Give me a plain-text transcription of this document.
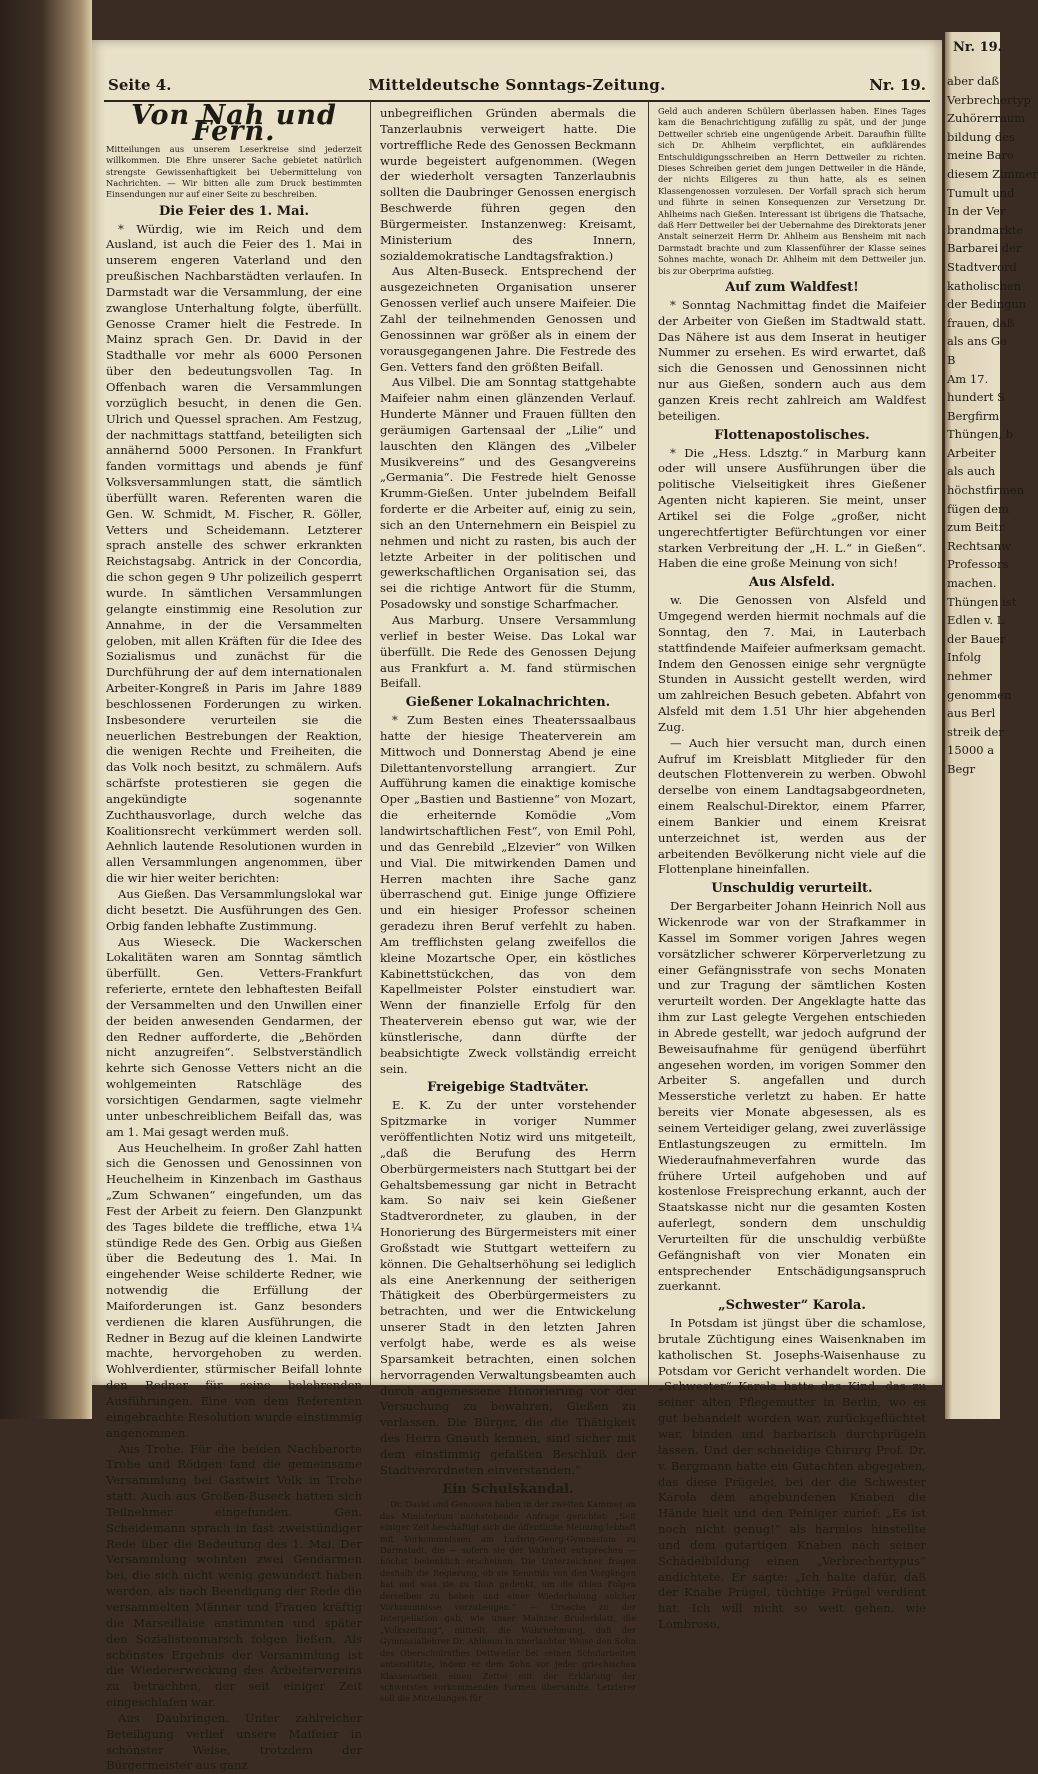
Mitteldeutsche Sonntags-Zeitung.
Seite 4.	Nr. 19.
Von Nah und Fern.

Mitteilungen aus unserem Leserkreise sind jederzeit willkommen. Die Ehre unserer Sache gebietet natürlich strengste Gewissenhaftigkeit bei Uebermittelung von Nachrichten. — Wir bitten alle zum Druck bestimmten Einsendungen nur auf einer Seite zu beschreiben.

Die Feier des 1. Mai.

* Würdig, wie im Reich und dem Ausland, ist auch die Feier des 1. Mai in unserem engeren Vaterland und den preußischen Nachbarstädten verlaufen. In Darmstadt war die Versammlung, der eine zwanglose Unterhaltung folgte, überfüllt. Genosse Cramer hielt die Festrede. In Mainz sprach Gen. Dr. David in der Stadthalle vor mehr als 6000 Personen über den bedeutungsvollen Tag. In Offenbach waren die Versammlungen vorzüglich besucht, in denen die Gen. Ulrich und Quessel sprachen. Am Festzug, der nachmittags stattfand, beteiligten sich annähernd 5000 Personen. In Frankfurt fanden vormittags und abends je fünf Volksversammlungen statt, die sämtlich überfüllt waren. Referenten waren die Gen. W. Schmidt, M. Fischer, R. Göller, Vetters und Scheidemann. Letzterer sprach anstelle des schwer erkrankten Reichstagsabg. Antrick in der Concordia, die schon gegen 9 Uhr polizeilich gesperrt wurde. In sämtlichen Versammlungen gelangte einstimmig eine Resolution zur Annahme, in der die Versammelten geloben, mit allen Kräften für die Idee des Sozialismus und zunächst für die Durchführung der auf dem internationalen Arbeiter-Kongreß in Paris im Jahre 1889 beschlossenen Forderungen zu wirken. Insbesondere verurteilen sie die neuerlichen Bestrebungen der Reaktion, die wenigen Rechte und Freiheiten, die das Volk noch besitzt, zu schmälern. Aufs schärfste protestieren sie gegen die angekündigte sogenannte Zuchthausvorlage, durch welche das Koalitionsrecht verkümmert werden soll. Aehnlich lautende Resolutionen wurden in allen Versammlungen angenommen, über die wir hier weiter berichten:

Aus Gießen. Das Versammlungslokal war dicht besetzt. Die Ausführungen des Gen. Orbig fanden lebhafte Zustimmung.

Aus Wieseck. Die Wackerschen Lokalitäten waren am Sonntag sämtlich überfüllt. Gen. Vetters-Frankfurt referierte, erntete den lebhaftesten Beifall der Versammelten und den Unwillen einer der beiden anwesenden Gendarmen, der den Redner aufforderte, die „Behörden nicht anzugreifen“. Selbstverständlich kehrte sich Genosse Vetters nicht an die wohlgemeinten Ratschläge des vorsichtigen Gendarmen, sagte vielmehr unter unbeschreiblichem Beifall das, was am 1. Mai gesagt werden muß.

Aus Heuchelheim. In großer Zahl hatten sich die Genossen und Genossinnen von Heuchelheim in Kinzenbach im Gasthaus „Zum Schwanen“ eingefunden, um das Fest der Arbeit zu feiern. Den Glanzpunkt des Tages bildete die treffliche, etwa 1¼ stündige Rede des Gen. Orbig aus Gießen über die Bedeutung des 1. Mai. In eingehender Weise schilderte Redner, wie notwendig die Erfüllung der Maiforderungen ist. Ganz besonders verdienen die klaren Ausführungen, die Redner in Bezug auf die kleinen Landwirte machte, hervorgehoben zu werden. Wohlverdienter, stürmischer Beifall lohnte den Redner für seine belehrenden Ausführungen. Eine von dem Referenten eingebrachte Resolution wurde einstimmig angenommen.

Aus Trohe. Für die beiden Nachbarorte Trohe und Rödgen fand die gemeinsame Versammlung bei Gastwirt Volk in Trohe statt. Auch aus Großen-Buseck hatten sich Teilnehmer eingefunden. Gen. Scheidemann sprach in fast zweistündiger Rede über die Bedeutung des 1. Mai. Der Versammlung wohnten zwei Gendarmen bei, die sich nicht wenig gewundert haben werden, als nach Beendigung der Rede die versammelten Männer und Frauen kräftig die Marseillaise anstimmten und später den Sozialistenmarsch folgen ließen. Als schönstes Ergebnis der Versammlung ist die Wiedererweckung des Arbeitervereins zu betrachten, der seit einiger Zeit eingeschlafen war.

Aus Daubringen. Unter zahlreicher Beteiligung verlief unsere Maifeier in schönster Weise, trotzdem der Bürgermeister aus ganz

unbegreiflichen Gründen abermals die Tanzerlaubnis verweigert hatte. Die vortreffliche Rede des Genossen Beckmann wurde begeistert aufgenommen. (Wegen der wiederholt versagten Tanzerlaubnis sollten die Daubringer Genossen energisch Beschwerde führen gegen den Bürgermeister. Instanzenweg: Kreisamt, Ministerium des Innern, sozialdemokratische Landtagsfraktion.)

Aus Alten-Buseck. Entsprechend der ausgezeichneten Organisation unserer Genossen verlief auch unsere Maifeier. Die Zahl der teilnehmenden Genossen und Genossinnen war größer als in einem der vorausgegangenen Jahre. Die Festrede des Gen. Vetters fand den größten Beifall.

Aus Vilbel. Die am Sonntag stattgehabte Maifeier nahm einen glänzenden Verlauf. Hunderte Männer und Frauen füllten den geräumigen Gartensaal der „Lilie“ und lauschten den Klängen des „Vilbeler Musikvereins“ und des Gesangvereins „Germania“. Die Festrede hielt Genosse Krumm-Gießen. Unter jubelndem Beifall forderte er die Arbeiter auf, einig zu sein, sich an den Unternehmern ein Beispiel zu nehmen und nicht zu rasten, bis auch der letzte Arbeiter in der politischen und gewerkschaftlichen Organisation sei, das sei die richtige Antwort für die Stumm, Posadowsky und sonstige Scharfmacher.

Aus Marburg. Unsere Versammlung verlief in bester Weise. Das Lokal war überfüllt. Die Rede des Genossen Dejung aus Frankfurt a. M. fand stürmischen Beifall.

Gießener Lokalnachrichten.

* Zum Besten eines Theaterssaalbaus hatte der hiesige Theaterverein am Mittwoch und Donnerstag Abend je eine Dilettantenvorstellung arrangiert. Zur Aufführung kamen die einaktige komische Oper „Bastien und Bastienne“ von Mozart, die erheiternde Komödie „Vom landwirtschaftlichen Fest“, von Emil Pohl, und das Genrebild „Elzevier“ von Wilken und Vial. Die mitwirkenden Damen und Herren machten ihre Sache ganz überraschend gut. Einige junge Offiziere und ein hiesiger Professor scheinen geradezu ihren Beruf verfehlt zu haben. Am trefflichsten gelang zweifellos die kleine Mozartsche Oper, ein köstliches Kabinettstückchen, das von dem Kapellmeister Polster einstudiert war. Wenn der finanzielle Erfolg für den Theaterverein ebenso gut war, wie der künstlerische, dann dürfte der beabsichtigte Zweck vollständig erreicht sein.

Freigebige Stadtväter.

E. K. Zu der unter vorstehender Spitzmarke in voriger Nummer veröffentlichten Notiz wird uns mitgeteilt, „daß die Berufung des Herrn Oberbürgermeisters nach Stuttgart bei der Gehaltsbemessung gar nicht in Betracht kam. So naiv sei kein Gießener Stadtverordneter, zu glauben, in der Honorierung des Bürgermeisters mit einer Großstadt wie Stuttgart wetteifern zu können. Die Gehaltserhöhung sei lediglich als eine Anerkennung der seitherigen Thätigkeit des Oberbürgermeisters zu betrachten, und wer die Entwickelung unserer Stadt in den letzten Jahren verfolgt habe, werde es als weise Sparsamkeit betrachten, einen solchen hervorragenden Verwaltungsbeamten auch durch angemessene Honorierung vor der Versuchung zu bewahren, Gießen zu verlassen. Die Bürger, die die Thätigkeit des Herrn Gnauth kennen, sind sicher mit dem einstimmig gefaßten Beschluß der Stadtverordneten einverstanden.“

Ein Schulskandal.

Dr. David und Genossen haben in der zweiten Kammer an das Ministerium nachstehende Anfrage gerichtet: „Seit einiger Zeit beschäftigt sich die öffentliche Meinung lebhaft mit Vorkommnissen am Ludwig-Georg-Gymnasium zu Darmstadt, die — sofern sie der Wahrheit entsprechen — höchst bedenklich erscheinen. Die Unterzeichner fragen deshalb die Regierung, ob sie Kenntnis von den Vorgängen hat und was sie zu thun gedenkt, um die üblen Folgen derselben zu heben und einer Wiederholung solcher Vorkommnisse vorzubeugen.“ — Ursache zu der Interpellation gab, wie unser Mainzer Bruderblatt, die „Volkszeitung“, mitteilt, die Wahrnehmung, daß der Gymnasiallehrer Dr. Ahlheim in unerlaubter Weise den Sohn des Oberschulrathes Dettweiler bei seinen Schularbeiten unterstützte, indem er dem Sohn vor jeder griechischen Klassenarbeit einen Zettel mit der Erklärung der schwersten vorkommenden Formen übersandte. Letzterer soll die Mitteilungen für

Geld auch anderen Schülern überlassen haben. Eines Tages kam die Benachrichtigung zufällig zu spät, und der junge Dettweiler schrieb eine ungenügende Arbeit. Daraufhin füllte sich Dr. Ahlheim verpflichtet, ein aufklärendes Entschuldigungsschreiben an Herrn Dettweiler zu richten. Dieses Schreiben geriet dem jungen Dettweiler in die Hände, der nichts Eiligeres zu thun hatte, als es seinen Klassengenossen vorzulesen. Der Vorfall sprach sich herum und führte in seinen Konsequenzen zur Versetzung Dr. Ahlheims nach Gießen. Interessant ist übrigens die Thatsache, daß Herr Dettweiler bei der Uebernahme des Direktorats jener Anstalt seinerzeit Herrn Dr. Ahlheim aus Bensheim mit nach Darmstadt brachte und zum Klassenführer der Klasse seines Sohnes machte, wonach Dr. Ahlheim mit dem Dettweiler jun. bis zur Oberprima aufstieg.

Auf zum Waldfest!

* Sonntag Nachmittag findet die Maifeier der Arbeiter von Gießen im Stadtwald statt. Das Nähere ist aus dem Inserat in heutiger Nummer zu ersehen. Es wird erwartet, daß sich die Genossen und Genossinnen nicht nur aus Gießen, sondern auch aus dem ganzen Kreis recht zahlreich am Waldfest beteiligen.

Flottenapostolisches.

* Die „Hess. Ldsztg.“ in Marburg kann oder will unsere Ausführungen über die politische Vielseitigkeit ihres Gießener Agenten nicht kapieren. Sie meint, unser Artikel sei die Folge „großer, nicht ungerechtfertigter Befürchtungen vor einer starken Verbreitung der „H. L.“ in Gießen“. Haben die eine große Meinung von sich!

Aus Alsfeld.

w. Die Genossen von Alsfeld und Umgegend werden hiermit nochmals auf die Sonntag, den 7. Mai, in Lauterbach stattfindende Maifeier aufmerksam gemacht. Indem den Genossen einige sehr vergnügte Stunden in Aussicht gestellt werden, wird um zahlreichen Besuch gebeten. Abfahrt von Alsfeld mit dem 1.51 Uhr hier abgehenden Zug.

— Auch hier versucht man, durch einen Aufruf im Kreisblatt Mitglieder für den deutschen Flottenverein zu werben. Obwohl derselbe von einem Landtagsabgeordneten, einem Realschul-Direktor, einem Pfarrer, einem Bankier und einem Kreisrat unterzeichnet ist, werden aus der arbeitenden Bevölkerung nicht viele auf die Flottenplane hineinfallen.

Unschuldig verurteilt.

Der Bergarbeiter Johann Heinrich Noll aus Wickenrode war von der Strafkammer in Kassel im Sommer vorigen Jahres wegen vorsätzlicher schwerer Körperverletzung zu einer Gefängnisstrafe von sechs Monaten und zur Tragung der sämtlichen Kosten verurteilt worden. Der Angeklagte hatte das ihm zur Last gelegte Vergehen entschieden in Abrede gestellt, war jedoch aufgrund der Beweisaufnahme für genügend überführt angesehen worden, im vorigen Sommer den Arbeiter S. angefallen und durch Messerstiche verletzt zu haben. Er hatte bereits vier Monate abgesessen, als es seinem Verteidiger gelang, zwei zuverlässige Entlastungszeugen zu ermitteln. Im Wiederaufnahmeverfahren wurde das frühere Urteil aufgehoben und auf kostenlose Freisprechung erkannt, auch der Staatskasse nicht nur die gesamten Kosten auferlegt, sondern dem unschuldig Verurteilten für die unschuldig verbüßte Gefängnishaft von vier Monaten ein entsprechender Entschädigungsanspruch zuerkannt.

„Schwester“ Karola.

In Potsdam ist jüngst über die schamlose, brutale Züchtigung eines Waisenknaben im katholischen St. Josephs-Waisenhause zu Potsdam vor Gericht verhandelt worden. Die „Schwester“ Karola hatte das Kind, das zu seiner alten Pflegemutter in Berlin, wo es gut behandelt worden war, zurückgeflüchtet war, binden und barbarisch durchprügeln lassen. Und der schneidige Chirurg Prof. Dr. v. Bergmann hatte ein Gutachten abgegeben, das diese Prügelei, bei der die Schwester Karola dem angebundenen Knaben die Hände hielt und den Peiniger zurief: „Es ist noch nicht genug!“ als harmlos hinstellte und dem gutartigen Knaben nach seiner Schädelbildung einen „Verbrechertypus“ andichtete. Er sagte: „Ich halte dafür, daß der Knabe Prügel, tüchtige Prügel verdient hat. Ich will nicht so weit gehen, wie Lombroso,

Nr. 19.
aber daß
Verbrechertyp
Zuhörerraum
bildung des
meine Baro
diesem Zimmer
Tumult und
In der Ver
brandmarkte
Barbarei der
Stadtverord
katholischen
der Bedingun
frauen, daß
als ans Ge
B
Am 17.
hundert S
Bergfirm
Thüngen, b
Arbeiter
als auch
höchstfirmen
fügen dem
zum Beitr
Rechtsanw
Professors
machen.
Thüngen ist
Edlen v. L
der Bauer
Infolg
nehmer
genommen
aus Berl
streik der
15000 a
Begr
